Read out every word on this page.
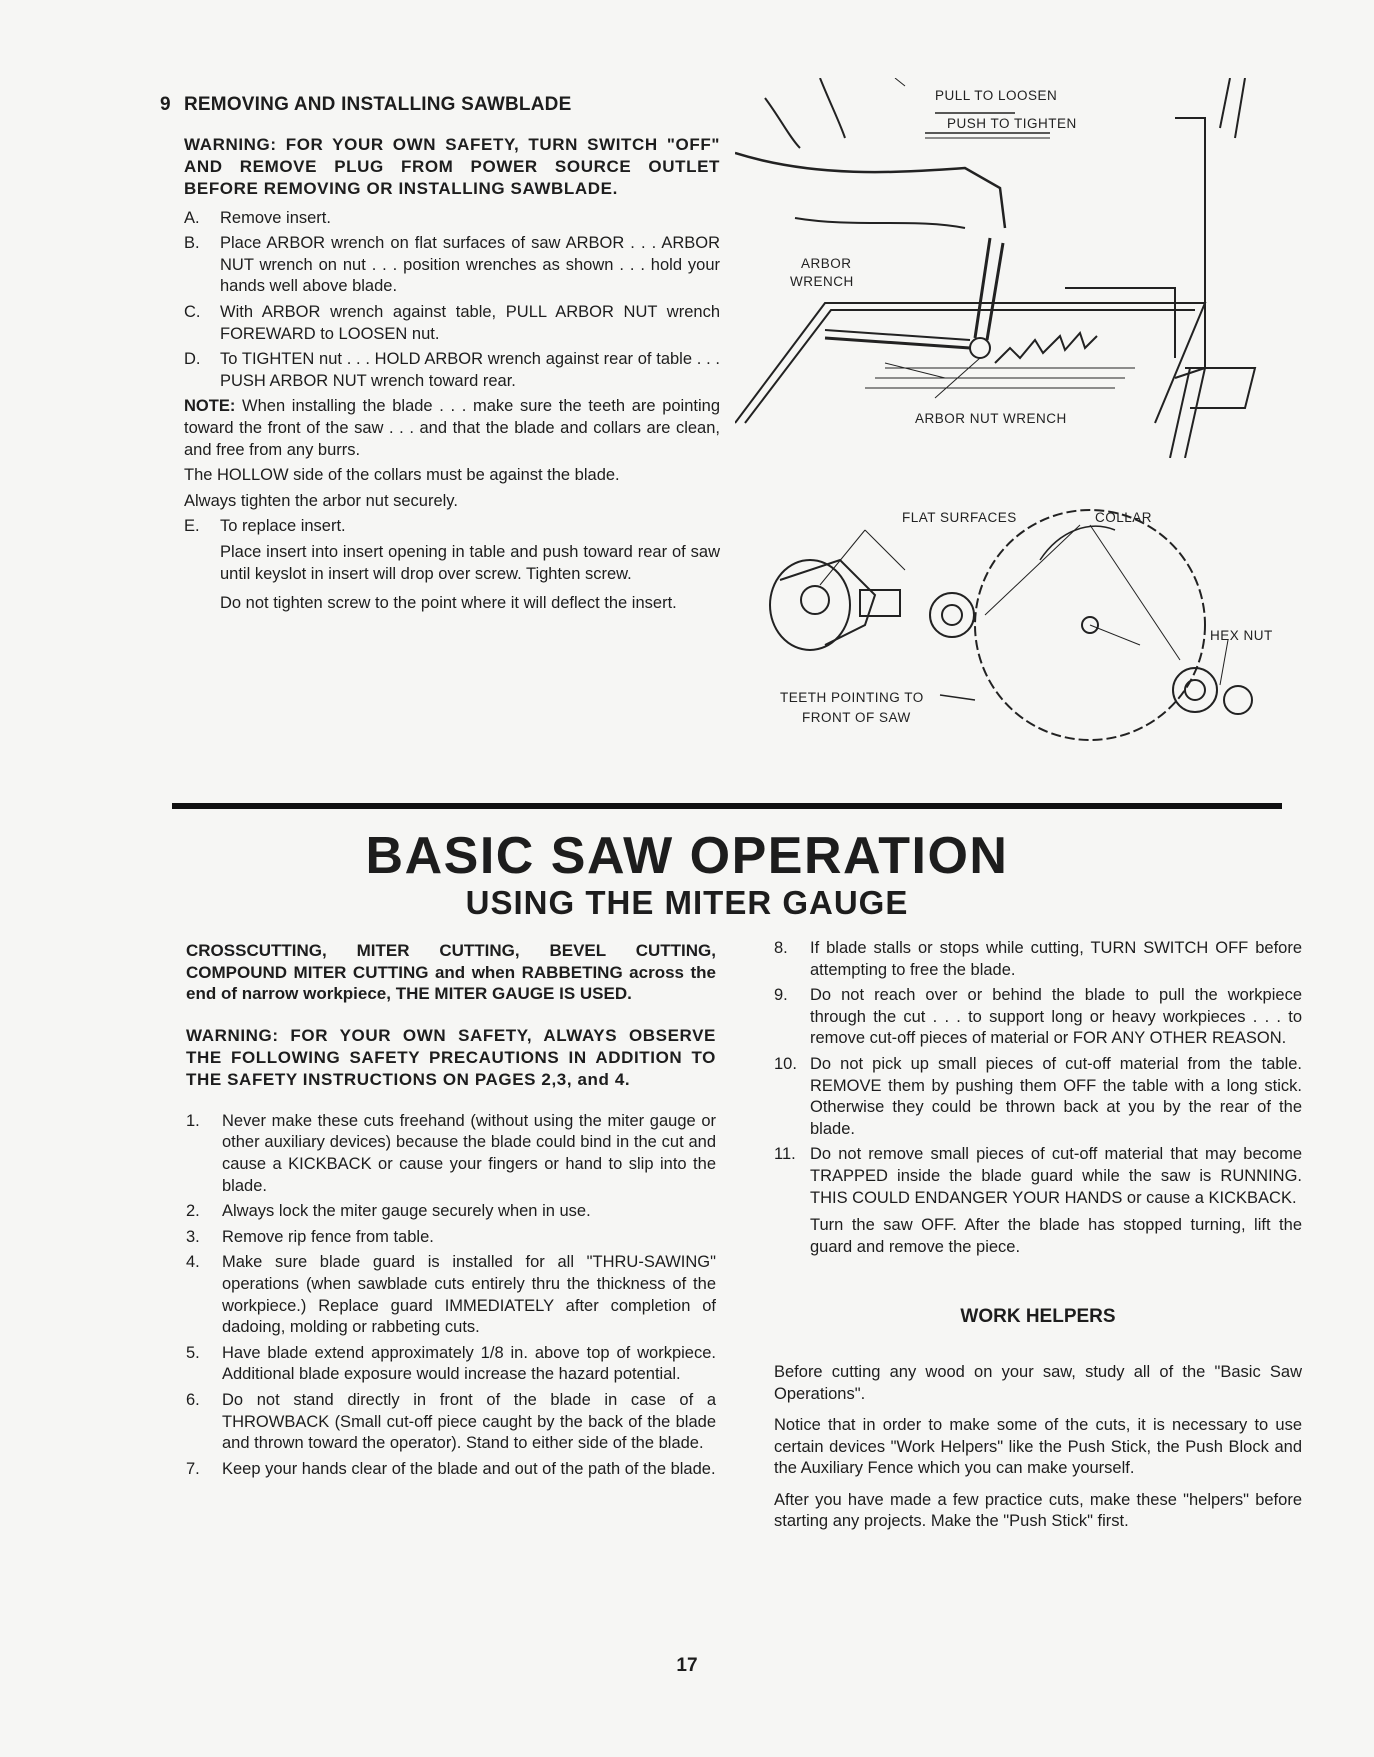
9 REMOVING AND INSTALLING SAWBLADE
WARNING: FOR YOUR OWN SAFETY, TURN SWITCH "OFF" AND REMOVE PLUG FROM POWER SOURCE OUTLET BEFORE REMOVING OR INSTALLING SAWBLADE.
A. Remove insert.
B. Place ARBOR wrench on flat surfaces of saw ARBOR . . . ARBOR NUT wrench on nut . . . position wrenches as shown . . . hold your hands well above blade.
C. With ARBOR wrench against table, PULL ARBOR NUT wrench FOREWARD to LOOSEN nut.
D. To TIGHTEN nut . . . HOLD ARBOR wrench against rear of table . . . PUSH ARBOR NUT wrench toward rear.
NOTE: When installing the blade . . . make sure the teeth are pointing toward the front of the saw . . . and that the blade and collars are clean, and free from any burrs.
The HOLLOW side of the collars must be against the blade.
Always tighten the arbor nut securely.
E. To replace insert.
Place insert into insert opening in table and push toward rear of saw until keyslot in insert will drop over screw. Tighten screw.
Do not tighten screw to the point where it will deflect the insert.
PULL TO LOOSEN
PUSH TO TIGHTEN
ARBOR
WRENCH
ARBOR NUT WRENCH
FLAT SURFACES	COLLAR
HEX NUT
TEETH POINTING TO
FRONT OF SAW
BASIC SAW OPERATION
USING THE MITER GAUGE
CROSSCUTTING, MITER CUTTING, BEVEL CUTTING, COMPOUND MITER CUTTING and when RABBETING across the end of narrow workpiece, THE MITER GAUGE IS USED.
WARNING: FOR YOUR OWN SAFETY, ALWAYS OBSERVE THE FOLLOWING SAFETY PRECAUTIONS IN ADDITION TO THE SAFETY INSTRUCTIONS ON PAGES 2,3, and 4.
1. Never make these cuts freehand (without using the miter gauge or other auxiliary devices) because the blade could bind in the cut and cause a KICKBACK or cause your fingers or hand to slip into the blade.
2. Always lock the miter gauge securely when in use.
3. Remove rip fence from table.
4. Make sure blade guard is installed for all "THRU-SAWING" operations (when sawblade cuts entirely thru the thickness of the workpiece.) Replace guard IMMEDIATELY after completion of dadoing, molding or rabbeting cuts.
5. Have blade extend approximately 1/8 in. above top of workpiece. Additional blade exposure would increase the hazard potential.
6. Do not stand directly in front of the blade in case of a THROWBACK (Small cut-off piece caught by the back of the blade and thrown toward the operator). Stand to either side of the blade.
7. Keep your hands clear of the blade and out of the path of the blade.
8. If blade stalls or stops while cutting, TURN SWITCH OFF before attempting to free the blade.
9. Do not reach over or behind the blade to pull the workpiece through the cut . . . to support long or heavy workpieces . . . to remove cut-off pieces of material or FOR ANY OTHER REASON.
10. Do not pick up small pieces of cut-off material from the table. REMOVE them by pushing them OFF the table with a long stick. Otherwise they could be thrown back at you by the rear of the blade.
11. Do not remove small pieces of cut-off material that may become TRAPPED inside the blade guard while the saw is RUNNING. THIS COULD ENDANGER YOUR HANDS or cause a KICKBACK.
Turn the saw OFF. After the blade has stopped turning, lift the guard and remove the piece.
WORK HELPERS
Before cutting any wood on your saw, study all of the "Basic Saw Operations".
Notice that in order to make some of the cuts, it is necessary to use certain devices "Work Helpers" like the Push Stick, the Push Block and the Auxiliary Fence which you can make yourself.
After you have made a few practice cuts, make these "helpers" before starting any projects. Make the "Push Stick" first.
17
